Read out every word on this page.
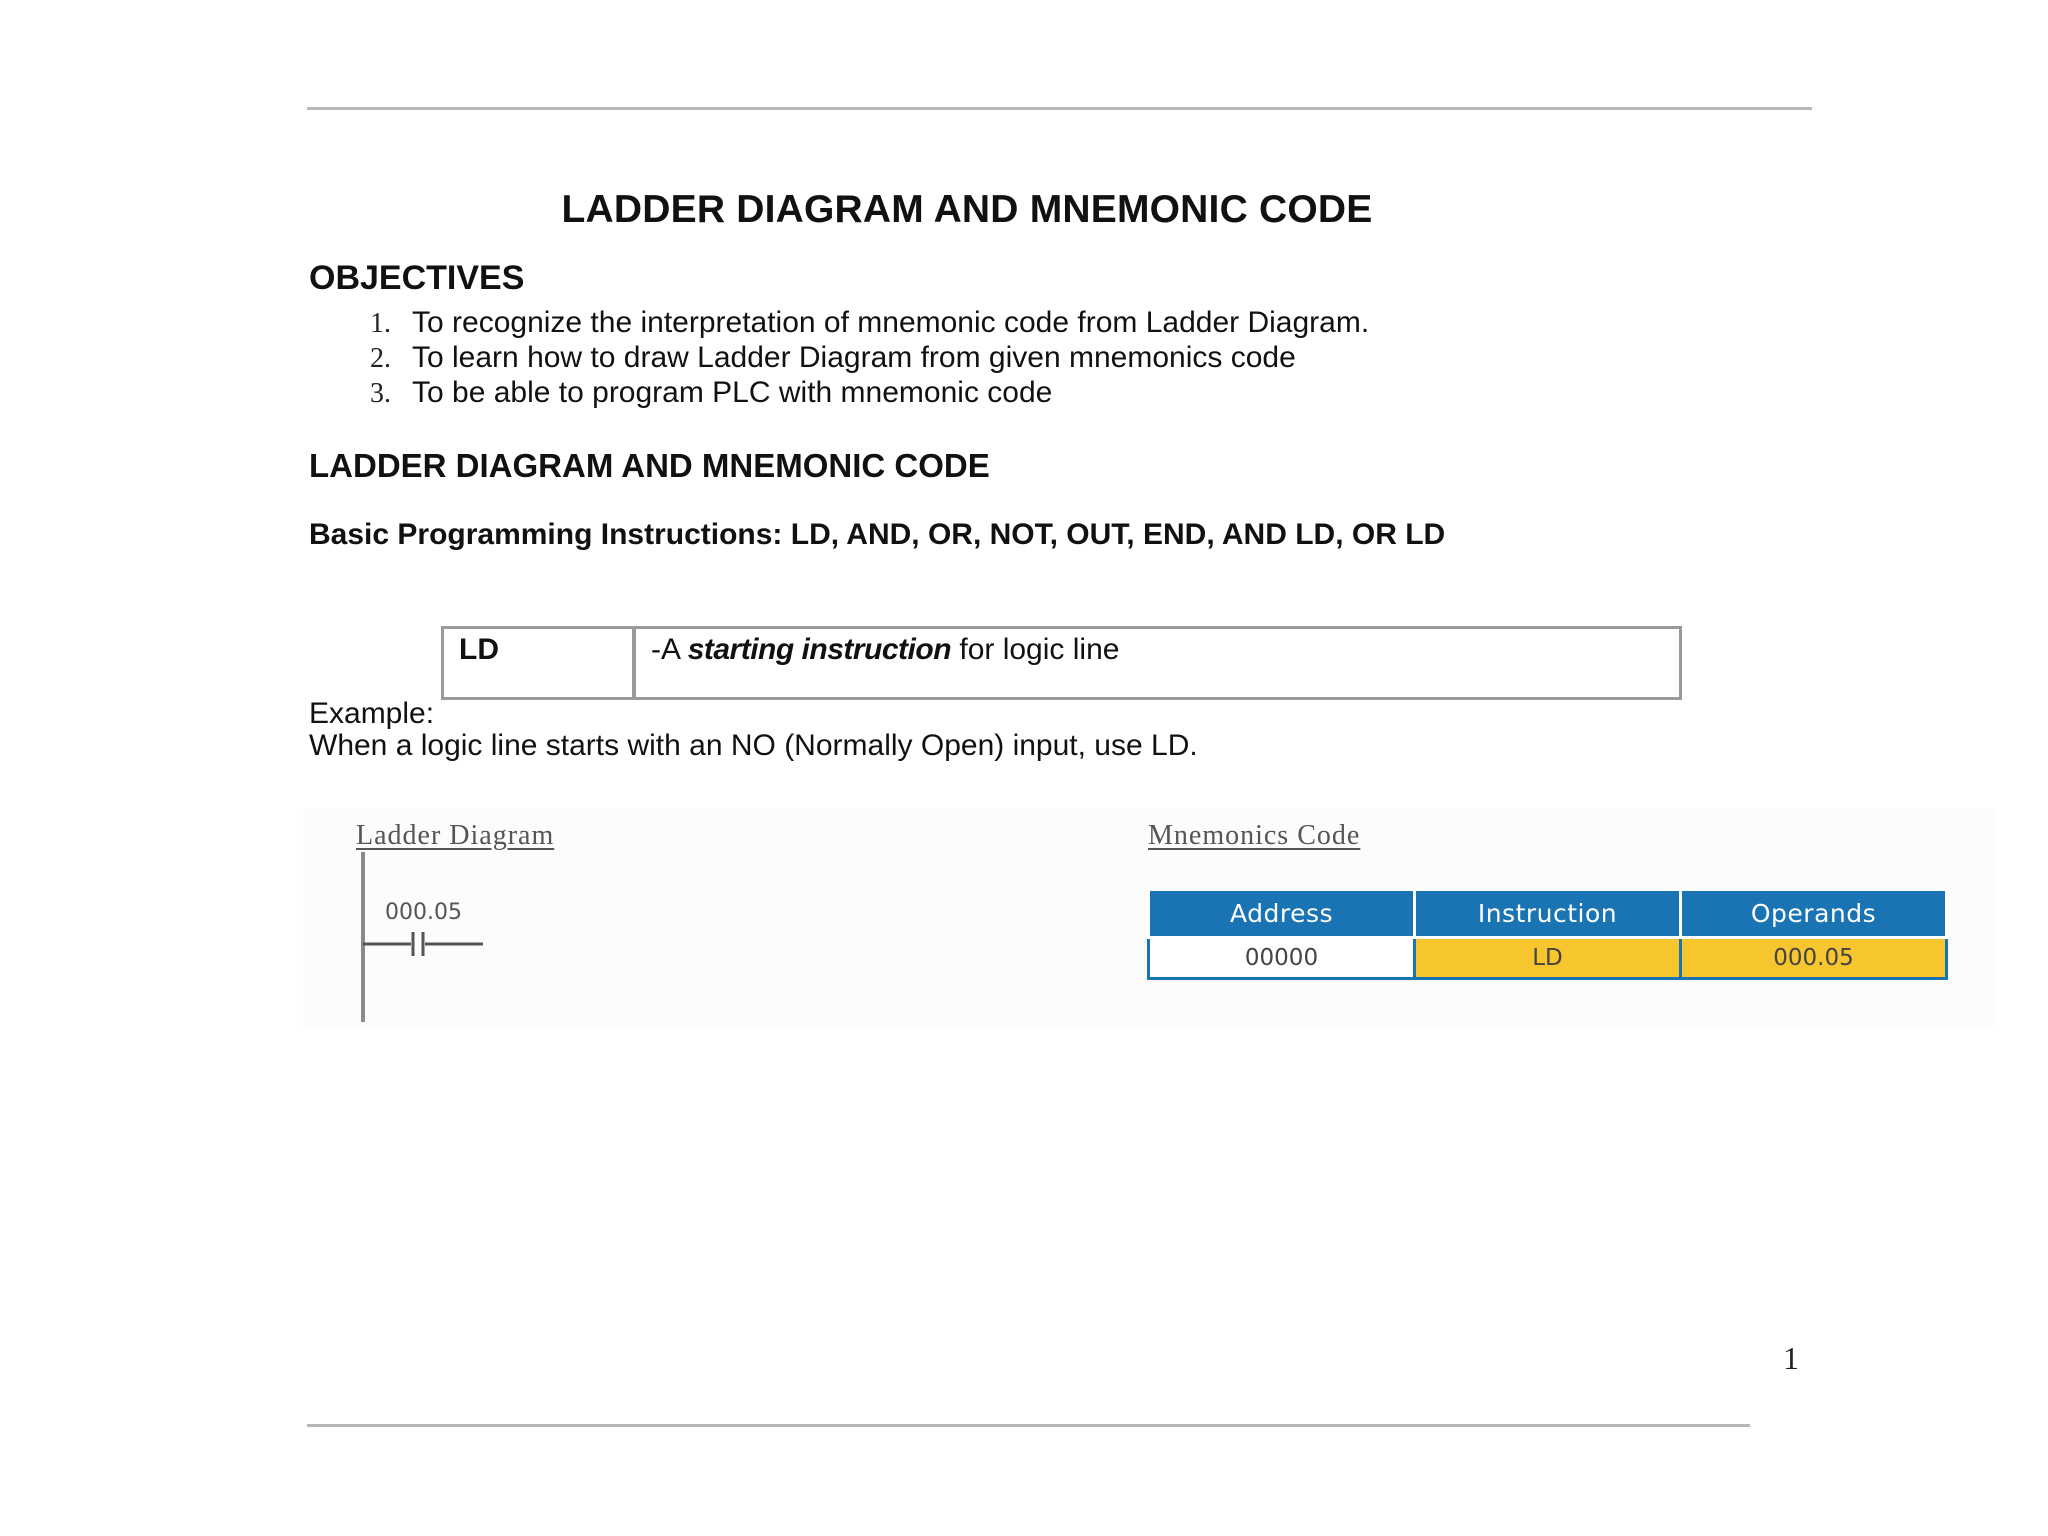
LADDER DIAGRAM AND MNEMONIC CODE
OBJECTIVES
1. To recognize the interpretation of mnemonic code from Ladder Diagram.
2. To learn how to draw Ladder Diagram from given mnemonics code
3. To be able to program PLC with mnemonic code
LADDER DIAGRAM AND MNEMONIC CODE
Basic Programming Instructions: LD, AND, OR, NOT, OUT, END, AND LD, OR LD
LD	-A starting instruction for logic line
Example:
When a logic line starts with an NO (Normally Open) input, use LD.
Ladder Diagram
000.05
Mnemonics Code
Address	Instruction	Operands
00000	LD	000.05
1
